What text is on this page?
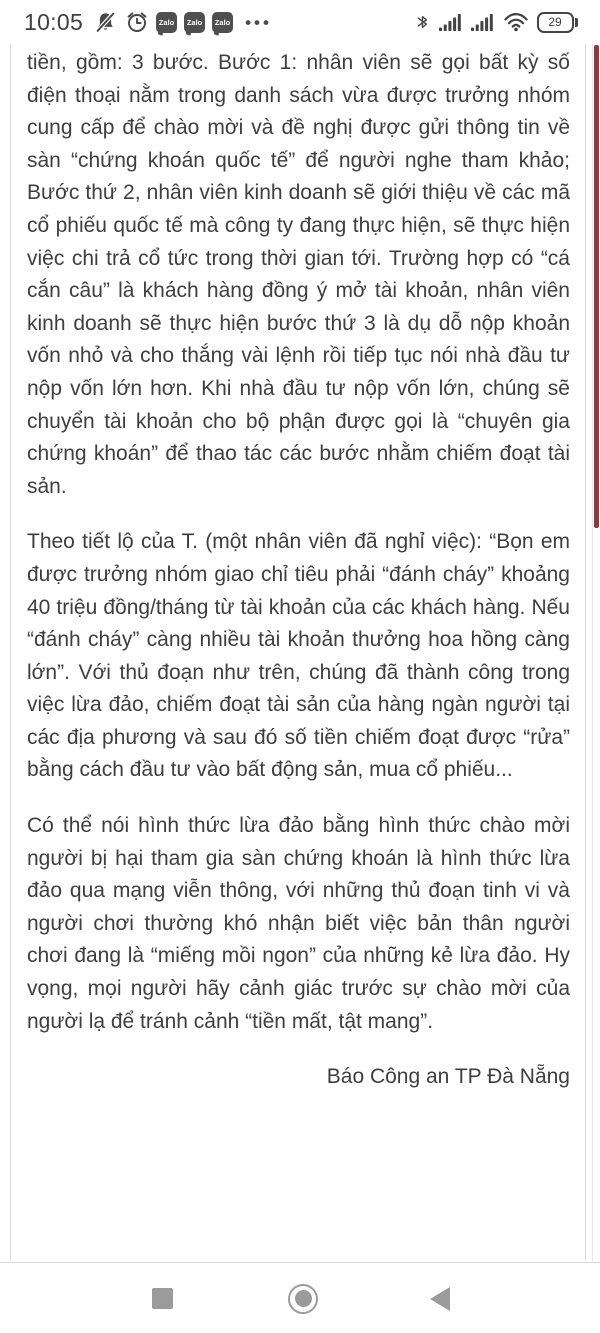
10:05	Zalo Zalo Zalo •••	29

tiền, gồm: 3 bước. Bước 1: nhân viên sẽ gọi bất kỳ số điện thoại nằm trong danh sách vừa được trưởng nhóm cung cấp để chào mời và đề nghị được gửi thông tin về sàn “chứng khoán quốc tế” để người nghe tham khảo; Bước thứ 2, nhân viên kinh doanh sẽ giới thiệu về các mã cổ phiếu quốc tế mà công ty đang thực hiện, sẽ thực hiện việc chi trả cổ tức trong thời gian tới. Trường hợp có “cá cắn câu” là khách hàng đồng ý mở tài khoản, nhân viên kinh doanh sẽ thực hiện bước thứ 3 là dụ dỗ nộp khoản vốn nhỏ và cho thắng vài lệnh rồi tiếp tục nói nhà đầu tư nộp vốn lớn hơn. Khi nhà đầu tư nộp vốn lớn, chúng sẽ chuyển tài khoản cho bộ phận được gọi là “chuyên gia chứng khoán” để thao tác các bước nhằm chiếm đoạt tài sản.

Theo tiết lộ của T. (một nhân viên đã nghỉ việc): “Bọn em được trưởng nhóm giao chỉ tiêu phải “đánh cháy” khoảng 40 triệu đồng/tháng từ tài khoản của các khách hàng. Nếu “đánh cháy” càng nhiều tài khoản thưởng hoa hồng càng lớn”. Với thủ đoạn như trên, chúng đã thành công trong việc lừa đảo, chiếm đoạt tài sản của hàng ngàn người tại các địa phương và sau đó số tiền chiếm đoạt được “rửa” bằng cách đầu tư vào bất động sản, mua cổ phiếu...

Có thể nói hình thức lừa đảo bằng hình thức chào mời người bị hại tham gia sàn chứng khoán là hình thức lừa đảo qua mạng viễn thông, với những thủ đoạn tinh vi và người chơi thường khó nhận biết việc bản thân người chơi đang là “miếng mồi ngon” của những kẻ lừa đảo. Hy vọng, mọi người hãy cảnh giác trước sự chào mời của người lạ để tránh cảnh “tiền mất, tật mang”.

Báo Công an TP Đà Nẵng
